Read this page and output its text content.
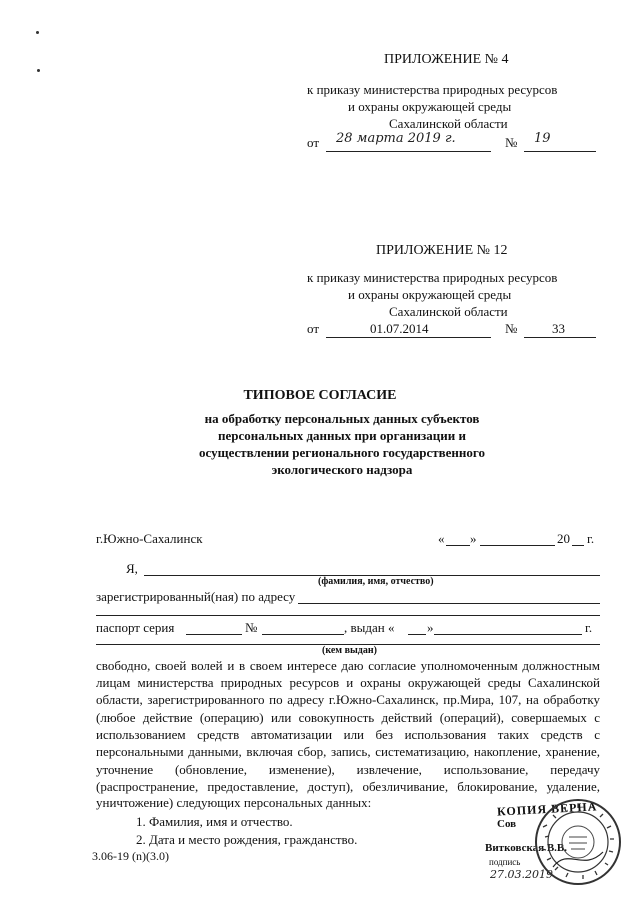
ПРИЛОЖЕНИЕ № 4
к приказу министерства природных ресурсов
и охраны окружающей среды
Сахалинской области
от 28 марта 2019 г.	№ 19
ПРИЛОЖЕНИЕ № 12
к приказу министерства природных ресурсов
и охраны окружающей среды
Сахалинской области
от	01.07.2014	№	33
ТИПОВОЕ СОГЛАСИЕ
на обработку персональных данных субъектов
персональных данных при организации и
осуществлении регионального государственного
экологического надзора
г.Южно-Сахалинск	« »	20 г.
Я,
(фамилия, имя, отчество)
зарегистрированный(ная) по адресу
паспорт серия	№	, выдан «	»	г.
(кем выдан)
свободно, своей волей и в своем интересе даю согласие уполномоченным должностным
лицам министерства природных ресурсов и охраны окружающей среды Сахалинской
области, зарегистрированного по адресу г.Южно-Сахалинск, пр.Мира, 107, на обработку
(любое действие (операцию) или совокупность действий (операций), совершаемых с
использованием средств автоматизации или без использования таких средств с
персональными данными, включая сбор, запись, систематизацию, накопление, хранение,
уточнение (обновление, изменение), извлечение, использование, передачу
(распространение, предоставление, доступ), обезличивание, блокирование, удаление,
уничтожение) следующих персональных данных:
1. Фамилия, имя и отчество.
2. Дата и место рождения, гражданство.
3.06-19 (n)(3.0)
КОПИЯ ВЕРНА
Сов
Витковская В.В.
подпись
27.03.2019
